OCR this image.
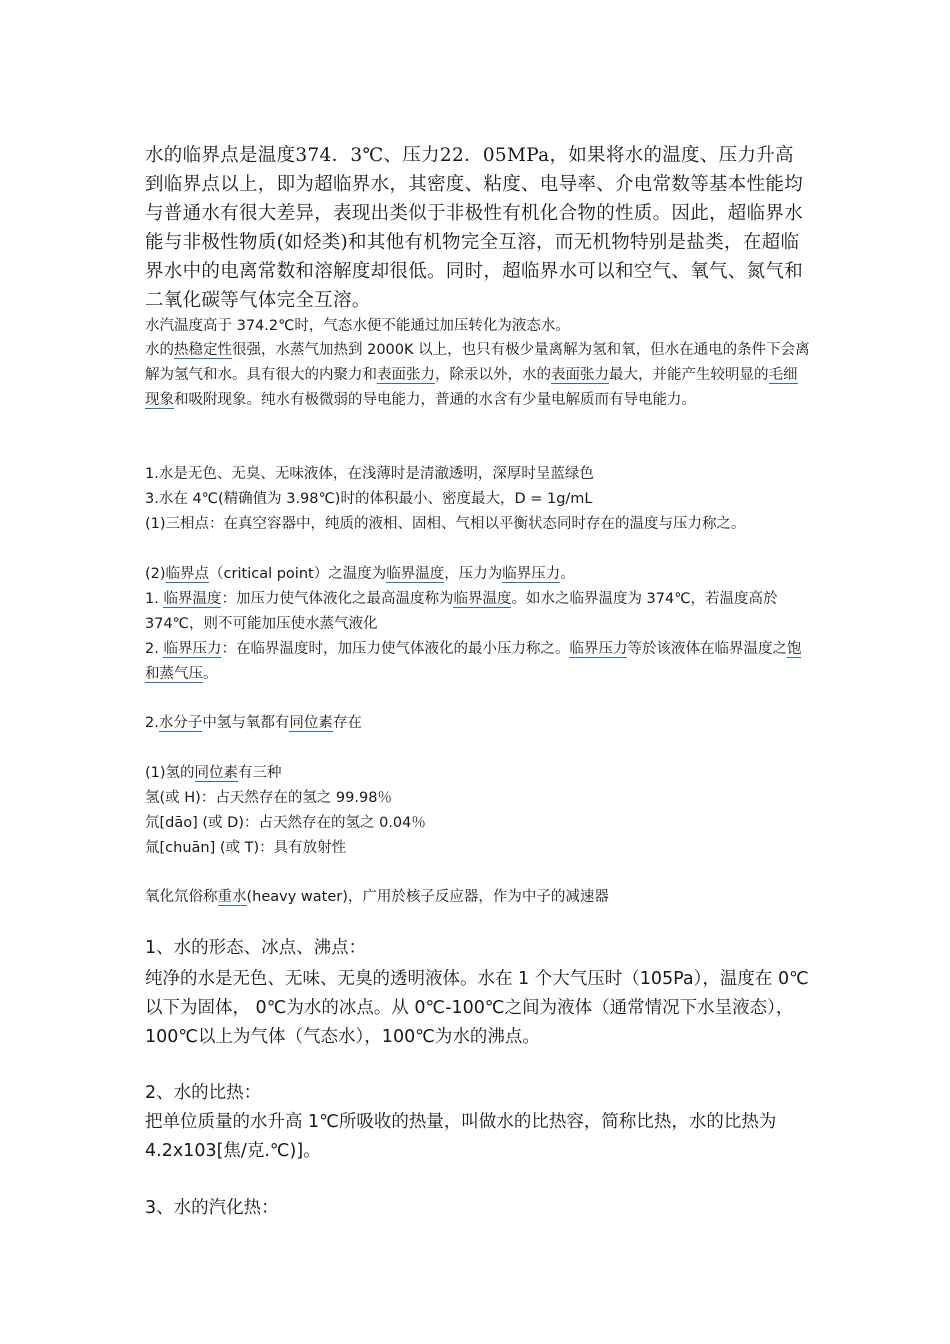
水的临界点是温度374．3℃、压力22．05MPa，如果将水的温度、压力升高到临界点以上，即为超临界水，其密度、粘度、电导率、介电常数等基本性能均与普通水有很大差异，表现出类似于非极性有机化合物的性质。因此，超临界水能与非极性物质(如烃类)和其他有机物完全互溶，而无机物特别是盐类，在超临界水中的电离常数和溶解度却很低。同时，超临界水可以和空气、氧气、氮气和二氧化碳等气体完全互溶。

水汽温度高于 374.2℃时，气态水便不能通过加压转化为液态水。

水的热稳定性很强，水蒸气加热到 2000K 以上，也只有极少量离解为氢和氧，但水在通电的条件下会离解为氢气和水。具有很大的内聚力和表面张力，除汞以外，水的表面张力最大，并能产生较明显的毛细现象和吸附现象。纯水有极微弱的导电能力，普通的水含有少量电解质而有导电能力。

1.水是无色、无臭、无味液体，在浅薄时是清澈透明，深厚时呈蓝绿色

3.水在 4℃(精确值为 3.98℃)时的体积最小、密度最大，D = 1g/mL

(1)三相点：在真空容器中，纯质的液相、固相、气相以平衡状态同时存在的温度与压力称之。

(2)临界点（critical point）之温度为临界温度，压力为临界压力。

1. 临界温度：加压力使气体液化之最高温度称为临界温度。如水之临界温度为 374℃，若温度高於 374℃，则不可能加压使水蒸气液化

2. 临界压力：在临界温度时，加压力使气体液化的最小压力称之。临界压力等於该液体在临界温度之饱和蒸气压。

2.水分子中氢与氧都有同位素存在

(1)氢的同位素有三种

氢(或 H)：占天然存在的氢之 99.98％

氘[dāo] (或 D)：占天然存在的氢之 0.04％

氚[chuān] (或 T)：具有放射性

氧化氘俗称重水(heavy water)，广用於核子反应器，作为中子的减速器

1、水的形态、冰点、沸点：

纯净的水是无色、无味、无臭的透明液体。水在 1 个大气压时（105Pa），温度在 0℃以下为固体， 0℃为水的冰点。从 0℃-100℃之间为液体（通常情况下水呈液态），100℃以上为气体（气态水），100℃为水的沸点。

2、水的比热：

把单位质量的水升高 1℃所吸收的热量，叫做水的比热容，简称比热，水的比热为 4.2x103[焦/克.℃)]。

3、水的汽化热：
